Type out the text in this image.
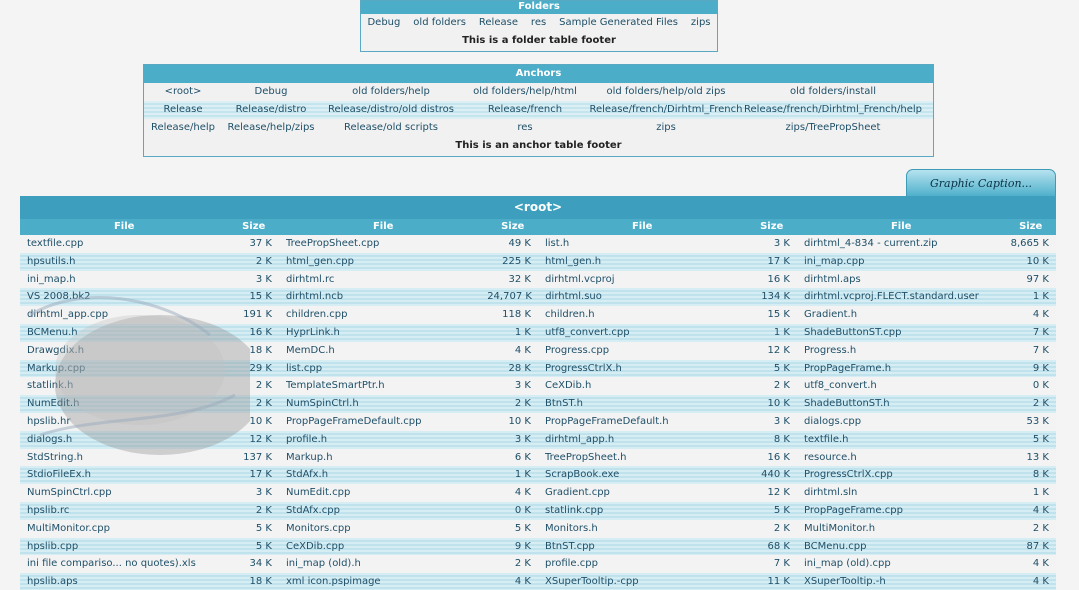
Folders
Debug old folders Release res Sample Generated Files zips
This is a folder table footer
Anchors
<root>	Debug	old folders/help	old folders/help/html	old folders/help/old zips	old folders/install
Release	Release/distro	Release/distro/old distros	Release/french	Release/french/Dirhtml_French Release/french/Dirhtml_French/help
Release/help	Release/help/zips	Release/old scripts	res	zips	zips/TreePropSheet
This is an anchor table footer
Graphic Caption...
<root>
File	Size	File	Size	File	Size	File	Size
textfile.cpp	37 K	TreePropSheet.cpp	49 K	list.h	3 K	dirhtml_4-834 - current.zip	8,665 K
hpsutils.h	2 K	html_gen.cpp	225 K	html_gen.h	17 K	ini_map.cpp	10 K
ini_map.h	3 K	dirhtml.rc	32 K	dirhtml.vcproj	16 K	dirhtml.aps	97 K
VS 2008.bk2	15 K	dirhtml.ncb	24,707 K	dirhtml.suo	134 K	dirhtml.vcproj.FLECT.standard.user	1 K
dirhtml_app.cpp	191 K	children.cpp	118 K	children.h	15 K	Gradient.h	4 K
BCMenu.h	16 K	HyprLink.h	1 K	utf8_convert.cpp	1 K	ShadeButtonST.cpp	7 K
Drawgdix.h	18 K	MemDC.h	4 K	Progress.cpp	12 K	Progress.h	7 K
Markup.cpp	29 K	list.cpp	28 K	ProgressCtrlX.h	5 K	PropPageFrame.h	9 K
statlink.h	2 K	TemplateSmartPtr.h	3 K	CeXDib.h	2 K	utf8_convert.h	0 K
NumEdit.h	2 K	NumSpinCtrl.h	2 K	BtnST.h	10 K	ShadeButtonST.h	2 K
hpslib.hr	10 K	PropPageFrameDefault.cpp	10 K	PropPageFrameDefault.h	3 K	dialogs.cpp	53 K
dialogs.h	12 K	profile.h	3 K	dirhtml_app.h	8 K	textfile.h	5 K
StdString.h	137 K	Markup.h	6 K	TreePropSheet.h	16 K	resource.h	13 K
StdioFileEx.h	17 K	StdAfx.h	1 K	ScrapBook.exe	440 K	ProgressCtrlX.cpp	8 K
NumSpinCtrl.cpp	3 K	NumEdit.cpp	4 K	Gradient.cpp	12 K	dirhtml.sln	1 K
hpslib.rc	2 K	StdAfx.cpp	0 K	statlink.cpp	5 K	PropPageFrame.cpp	4 K
MultiMonitor.cpp	5 K	Monitors.cpp	5 K	Monitors.h	2 K	MultiMonitor.h	2 K
hpslib.cpp	5 K	CeXDib.cpp	9 K	BtnST.cpp	68 K	BCMenu.cpp	87 K
ini file compariso... no quotes).xls	34 K	ini_map (old).h	2 K	profile.cpp	7 K	ini_map (old).cpp	4 K
hpslib.aps	18 K	xml icon.pspimage	4 K	XSuperTooltip.-cpp	11 K	XSuperTooltip.-h	4 K
